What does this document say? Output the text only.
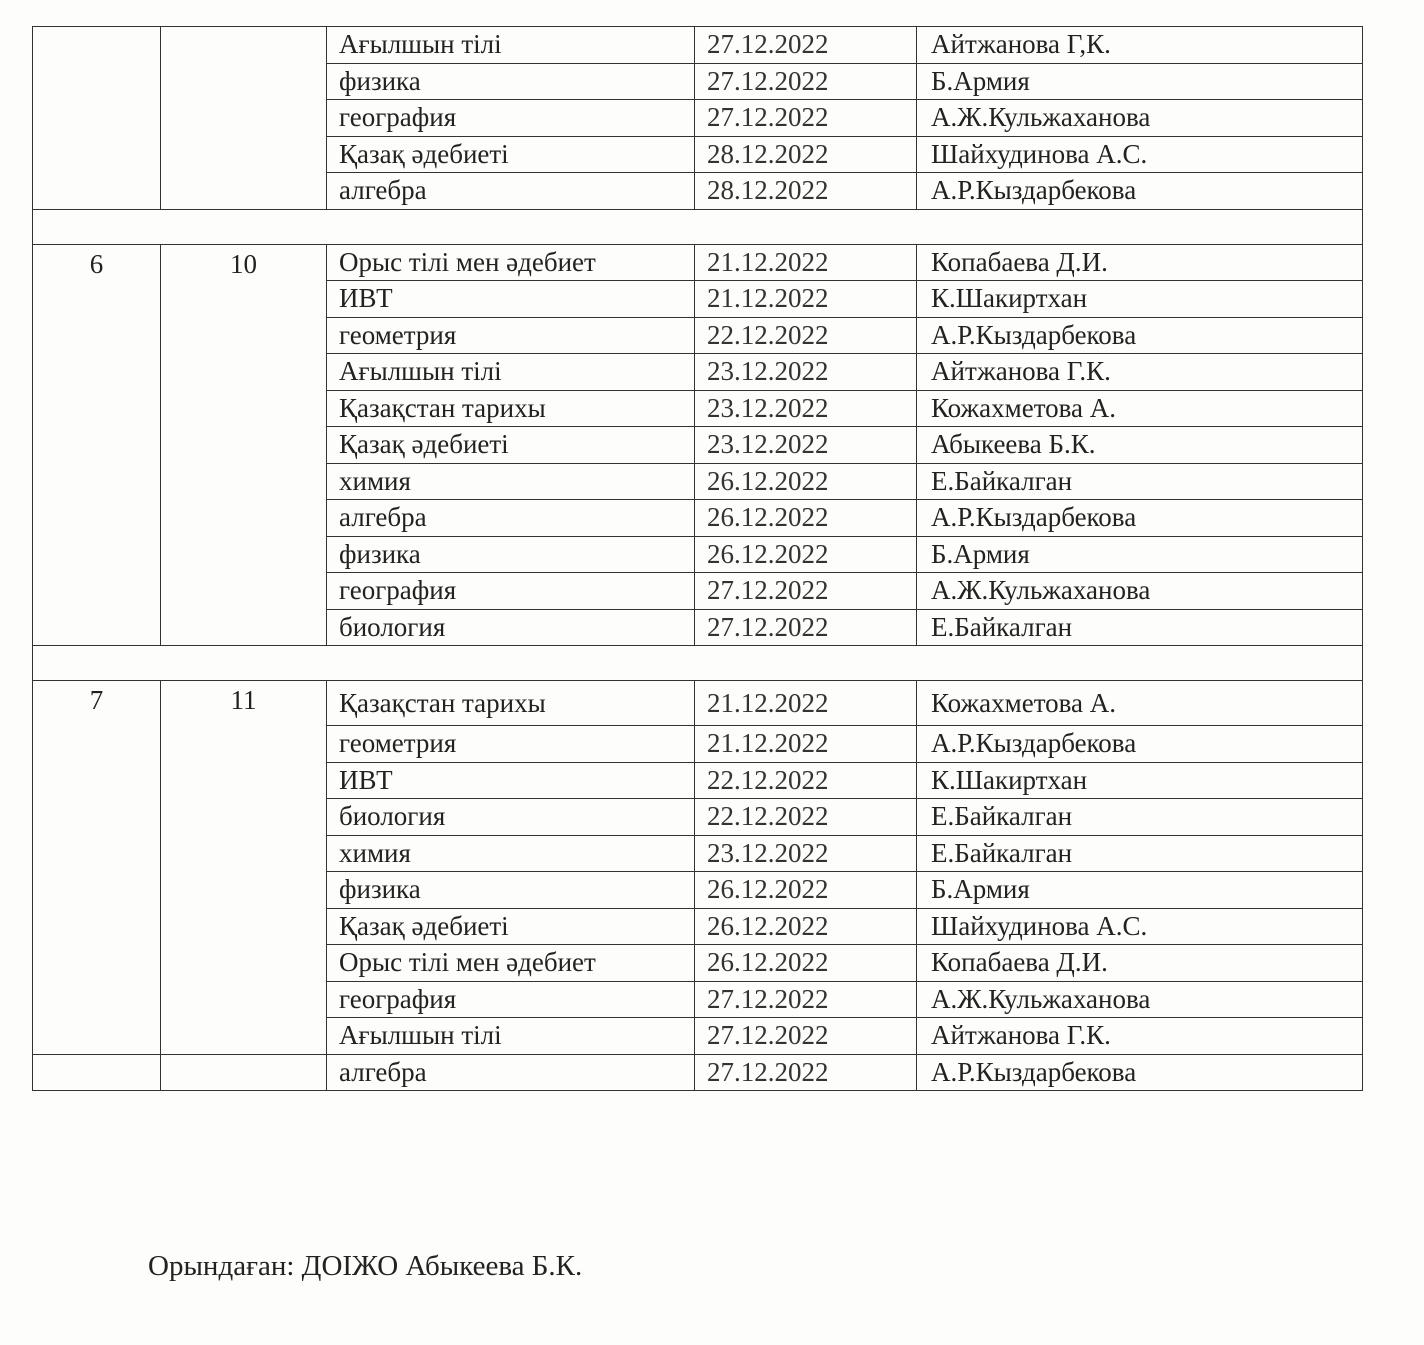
		Ағылшын тілі	27.12.2022	Айтжанова Г,К.
		физика	27.12.2022	Б.Армия
		география	27.12.2022	А.Ж.Кульжаханова
		Қазақ әдебиеті	28.12.2022	Шайхудинова А.С.
		алгебра	28.12.2022	А.Р.Кыздарбекова

6	10	Орыс тілі мен әдебиет	21.12.2022	Копабаева Д.И.
		ИВТ	21.12.2022	К.Шакиртхан
		геометрия	22.12.2022	А.Р.Кыздарбекова
		Ағылшын тілі	23.12.2022	Айтжанова Г.К.
		Қазақстан тарихы	23.12.2022	Кожахметова А.
		Қазақ әдебиеті	23.12.2022	Абыкеева Б.К.
		химия	26.12.2022	Е.Байкалган
		алгебра	26.12.2022	А.Р.Кыздарбекова
		физика	26.12.2022	Б.Армия
		география	27.12.2022	А.Ж.Кульжаханова
		биология	27.12.2022	Е.Байкалган

7	11	Қазақстан тарихы	21.12.2022	Кожахметова А.
		геометрия	21.12.2022	А.Р.Кыздарбекова
		ИВТ	22.12.2022	К.Шакиртхан
		биология	22.12.2022	Е.Байкалган
		химия	23.12.2022	Е.Байкалган
		физика	26.12.2022	Б.Армия
		Қазақ әдебиеті	26.12.2022	Шайхудинова А.С.
		Орыс тілі мен әдебиет	26.12.2022	Копабаева Д.И.
		география	27.12.2022	А.Ж.Кульжаханова
		Ағылшын тілі	27.12.2022	Айтжанова Г.К.
		алгебра	27.12.2022	А.Р.Кыздарбекова
Орындаған: ДОІЖО Абыкеева Б.К.
